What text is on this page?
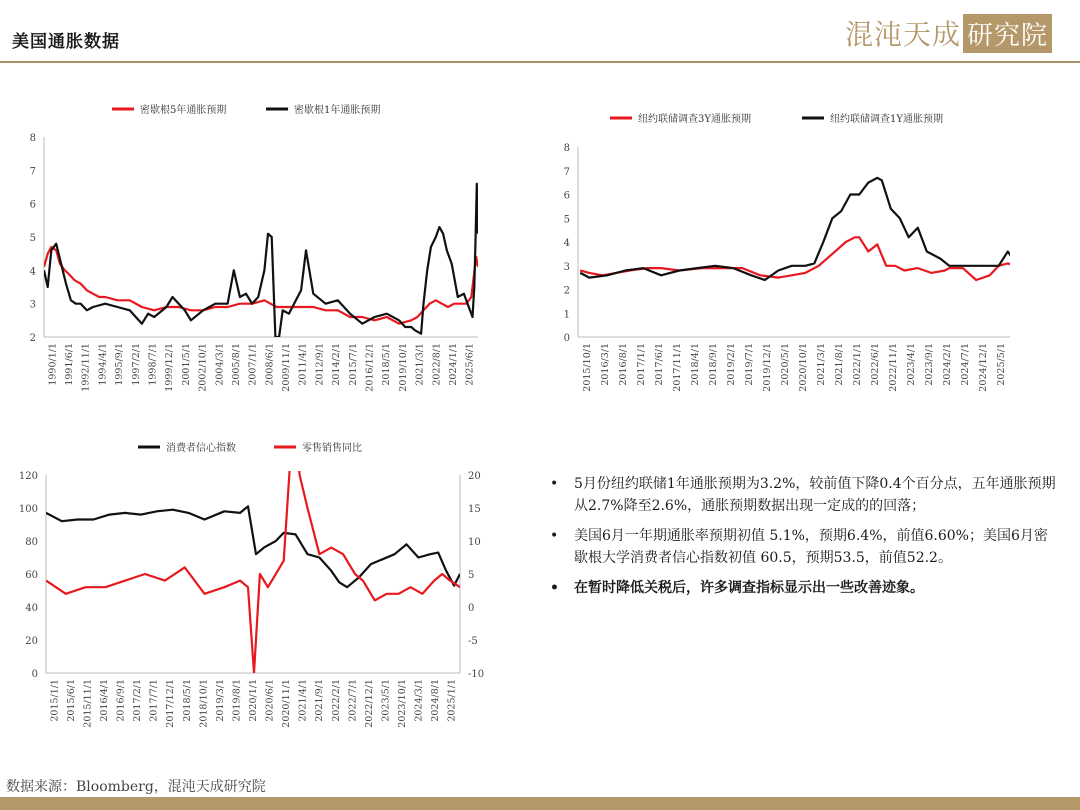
美国通胀数据	混沌天成 研究院
2
3
4
5
6
7
8
1990/1/1 1991/6/1 1992/11/1 1994/4/1 1995/9/1 1997/2/1 1998/7/1 1999/12/1 2001/5/1 2002/10/1 2004/3/1 2005/8/1 2007/1/1 2008/6/1 2009/11/1 2011/4/1 2012/9/1 2014/2/1 2015/7/1 2016/12/1 2018/5/1 2019/10/1 2021/3/1 2022/8/1 2024/1/1 2025/6/1
密歇根5年通胀预期	密歇根1年通胀预期
0
1
2
3
4
5
6
7
8
2015/10/1 2016/3/1 2016/8/1 2017/1/1 2017/6/1 2017/11/1 2018/4/1 2018/9/1 2019/2/1 2019/7/1 2019/12/1 2020/5/1 2020/10/1 2021/3/1 2021/8/1 2022/1/1 2022/6/1 2022/11/1 2023/4/1 2023/9/1 2024/2/1 2024/7/1 2024/12/1 2025/5/1
纽约联储调查3Y通胀预期	纽约联储调查1Y通胀预期
0
20
40
60
80
100
120
-10
-5
0
5
10
15
20
2015/1/1 2015/6/1 2015/11/1 2016/4/1 2016/9/1 2017/2/1 2017/7/1 2017/12/1 2018/5/1 2018/10/1 2019/3/1 2019/8/1 2020/1/1 2020/6/1 2020/11/1 2021/4/1 2021/9/1 2022/2/1 2022/7/1 2022/12/1 2023/5/1 2023/10/1 2024/3/1 2024/8/1 2025/1/1
消费者信心指数	零售销售同比
•	5月份纽约联储1年通胀预期为3.2%，较前值下降0.4个百分点，五年通胀预期从2.7%降至2.6%，通胀预期数据出现一定成的的回落；
•	美国6月一年期通胀率预期初值 5.1%，预期6.4%，前值6.60%；美国6月密歇根大学消费者信心指数初值 60.5，预期53.5，前值52.2。
•	在暂时降低关税后，许多调查指标显示出一些改善迹象。
数据来源：Bloomberg，混沌天成研究院
